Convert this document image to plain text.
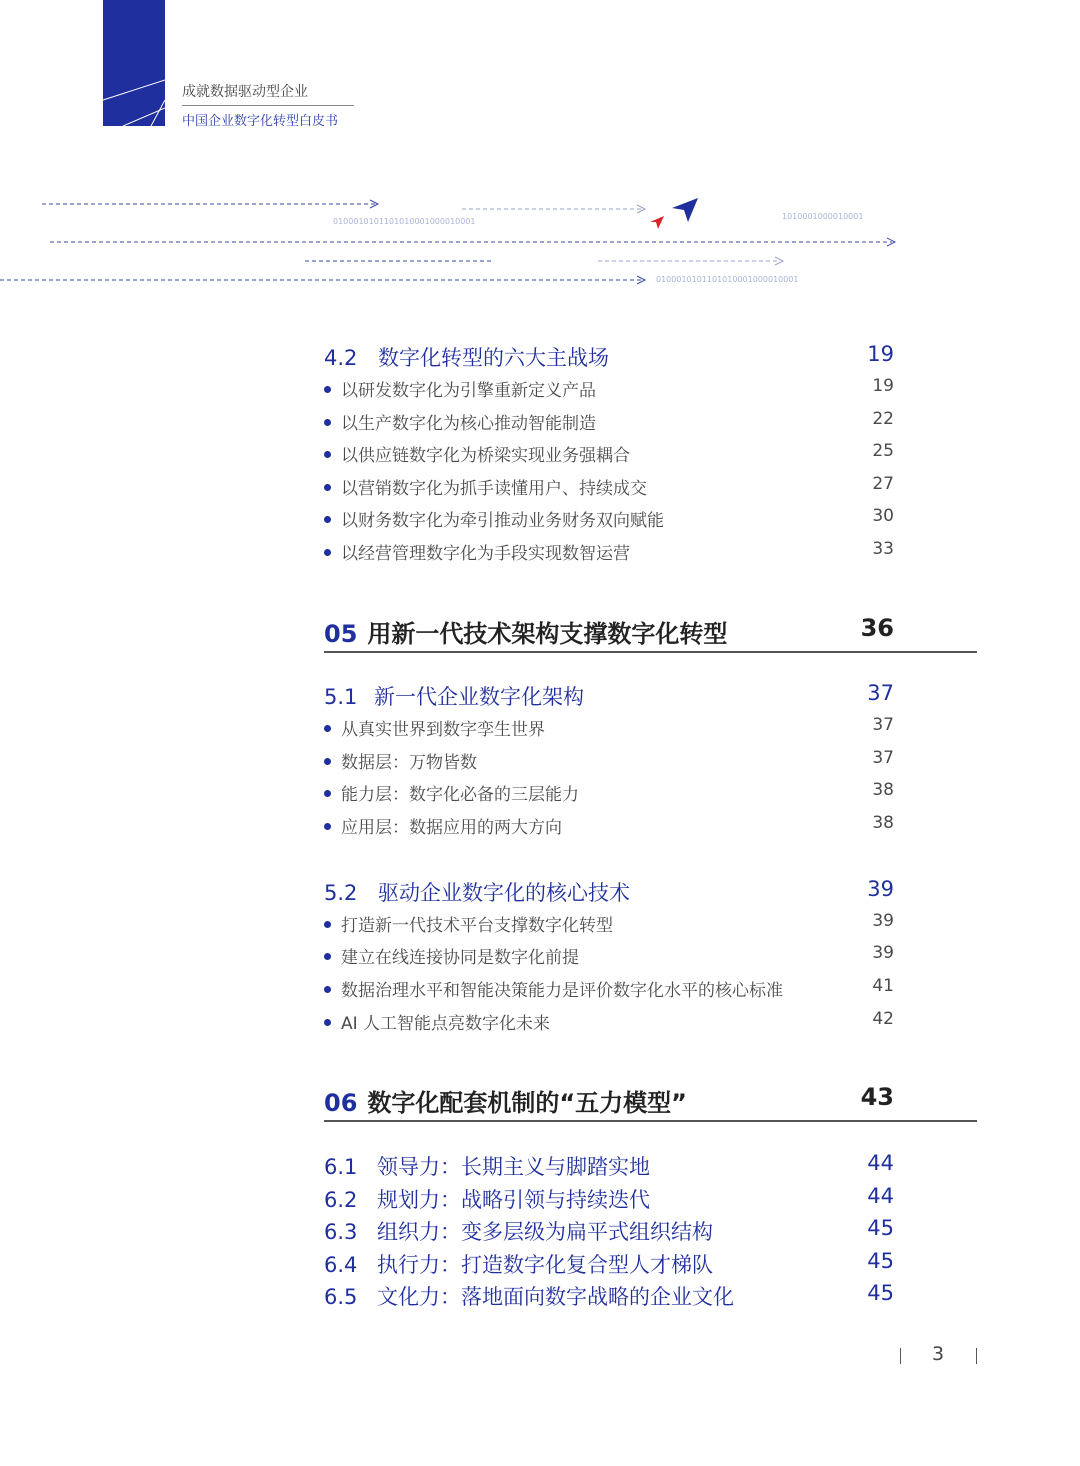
成就数据驱动型企业
中国企业数字化转型白皮书
0100010101101010001000010001
1010001000010001
0100010101101010001000010001
4.2 数字化转型的六大主战场	19
以研发数字化为引擎重新定义产品	19
以生产数字化为核心推动智能制造	22
以供应链数字化为桥梁实现业务强耦合	25
以营销数字化为抓手读懂用户、持续成交	27
以财务数字化为牵引推动业务财务双向赋能	30
以经营管理数字化为手段实现数智运营	33
05 用新一代技术架构支撑数字化转型	36
5.1 新一代企业数字化架构	37
从真实世界到数字孪生世界	37
数据层：万物皆数	37
能力层：数字化必备的三层能力	38
应用层：数据应用的两大方向	38
5.2 驱动企业数字化的核心技术	39
打造新一代技术平台支撑数字化转型	39
建立在线连接协同是数字化前提	39
数据治理水平和智能决策能力是评价数字化水平的核心标准	41
AI 人工智能点亮数字化未来	42
06 数字化配套机制的“五力模型”	43
6.1 领导力：长期主义与脚踏实地	44
6.2 规划力：战略引领与持续迭代	44
6.3 组织力：变多层级为扁平式组织结构	45
6.4 执行力：打造数字化复合型人才梯队	45
6.5 文化力：落地面向数字战略的企业文化	45
3
